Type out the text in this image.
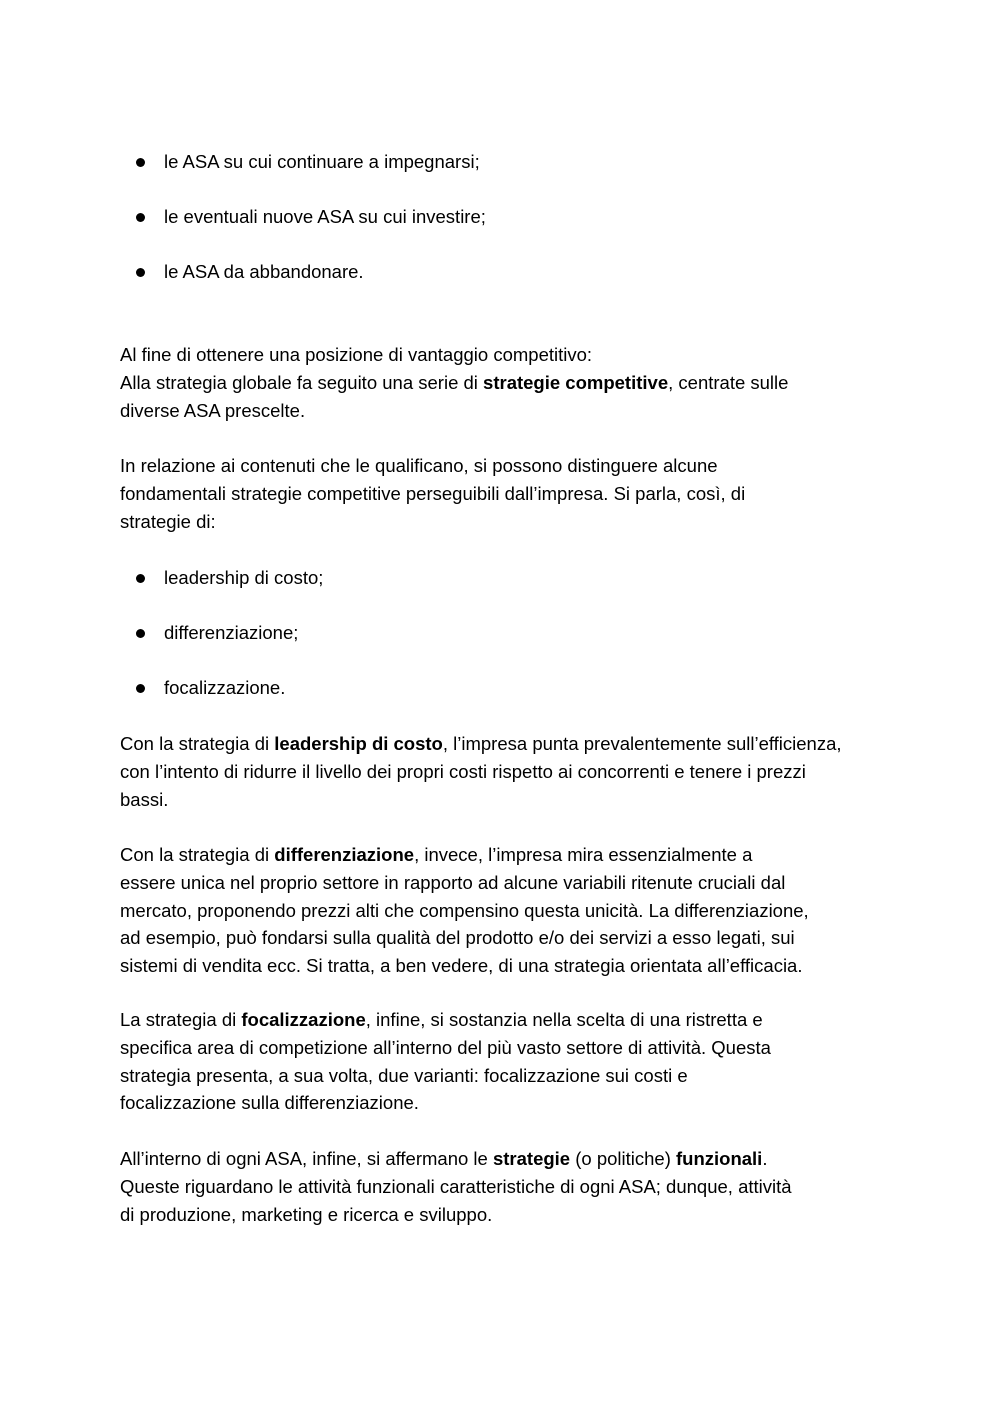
le ASA su cui continuare a impegnarsi;
le eventuali nuove ASA su cui investire;
le ASA da abbandonare.

Al fine di ottenere una posizione di vantaggio competitivo:
Alla strategia globale fa seguito una serie di strategie competitive, centrate sulle
diverse ASA prescelte.

In relazione ai contenuti che le qualificano, si possono distinguere alcune
fondamentali strategie competitive perseguibili dall’impresa. Si parla, così, di
strategie di:

leadership di costo;
differenziazione;
focalizzazione.

Con la strategia di leadership di costo, l’impresa punta prevalentemente sull’efficienza,
con l’intento di ridurre il livello dei propri costi rispetto ai concorrenti e tenere i prezzi
bassi.

Con la strategia di differenziazione, invece, l’impresa mira essenzialmente a
essere unica nel proprio settore in rapporto ad alcune variabili ritenute cruciali dal
mercato, proponendo prezzi alti che compensino questa unicità. La differenziazione,
ad esempio, può fondarsi sulla qualità del prodotto e/o dei servizi a esso legati, sui
sistemi di vendita ecc. Si tratta, a ben vedere, di una strategia orientata all’efficacia.

La strategia di focalizzazione, infine, si sostanzia nella scelta di una ristretta e
specifica area di competizione all’interno del più vasto settore di attività. Questa
strategia presenta, a sua volta, due varianti: focalizzazione sui costi e
focalizzazione sulla differenziazione.

All’interno di ogni ASA, infine, si affermano le strategie (o politiche) funzionali.
Queste riguardano le attività funzionali caratteristiche di ogni ASA; dunque, attività
di produzione, marketing e ricerca e sviluppo.
